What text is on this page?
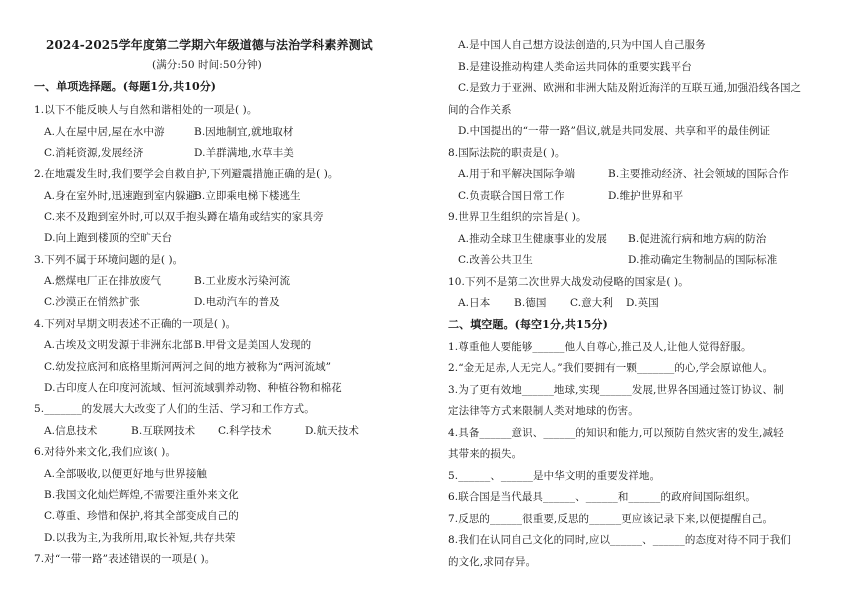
2024-2025学年度第二学期六年级道德与法治学科素养测试
(满分:50 时间:50分钟)
一、单项选择题。(每题1分,共10分)
1.以下不能反映人与自然和谐相处的一项是( )。
A.人在屋中居,屋在水中游	B.因地制宜,就地取材
C.消耗资源,发展经济	D.羊群满地,水草丰美
2.在地震发生时,我们要学会自救自护,下列避震措施正确的是( )。
A.身在室外时,迅速跑到室内躲避
B.立即乘电梯下楼逃生
C.来不及跑到室外时,可以双手抱头蹲在墙角或结实的家具旁
D.向上跑到楼顶的空旷天台
3.下列不属于环境问题的是( )。
A.燃煤电厂正在排放废气	B.工业废水污染河流
C.沙漠正在悄然扩张	D.电动汽车的普及
4.下列对早期文明表述不正确的一项是( )。
A.古埃及文明发源于非洲东北部 B.甲骨文是美国人发现的
C.幼发拉底河和底格里斯河两河之间的地方被称为“两河流域”
D.古印度人在印度河流域、恒河流域驯养动物、种植谷物和棉花
5._______的发展大大改变了人们的生活、学习和工作方式。
A.信息技术	B.互联网技术	C.科学技术	D.航天技术
6.对待外来文化,我们应该( )。
A.全部吸收,以便更好地与世界接触
B.我国文化灿烂辉煌,不需要注重外来文化
C.尊重、珍惜和保护,将其全部变成自己的
D.以我为主,为我所用,取长补短,共存共荣
7.对“一带一路”表述错误的一项是( )。
A.是中国人自己想方设法创造的,只为中国人自己服务
B.是建设推动构建人类命运共同体的重要实践平台
C.是致力于亚洲、欧洲和非洲大陆及附近海洋的互联互通,加强沿线各国之
间的合作关系
D.中国提出的“一带一路”倡议,就是共同发展、共享和平的最佳例证
8.国际法院的职责是( )。
A.用于和平解决国际争端	B.主要推动经济、社会领域的国际合作
C.负责联合国日常工作	D.维护世界和平
9.世界卫生组织的宗旨是( )。
A.推动全球卫生健康事业的发展	B.促进流行病和地方病的防治
C.改善公共卫生	D.推动确定生物制品的国际标准
10.下列不是第二次世界大战发动侵略的国家是( )。
A.日本	B.德国	C.意大利	D.英国
二、填空题。(每空1分,共15分)
1.尊重他人要能够______他人自尊心,推己及人,让他人觉得舒服。
2.“金无足赤,人无完人。”我们要拥有一颗_______的心,学会原谅他人。
3.为了更有效地______地球,实现______发展,世界各国通过签订协议、制
定法律等方式来限制人类对地球的伤害。
4.具备______意识、______的知识和能力,可以预防自然灾害的发生,减轻
其带来的损失。
5.______、______是中华文明的重要发祥地。
6.联合国是当代最具______、______和______的政府间国际组织。
7.反思的______很重要,反思的______更应该记录下来,以便提醒自己。
8.我们在认同自己文化的同时,应以______、______的态度对待不同于我们
的文化,求同存异。
